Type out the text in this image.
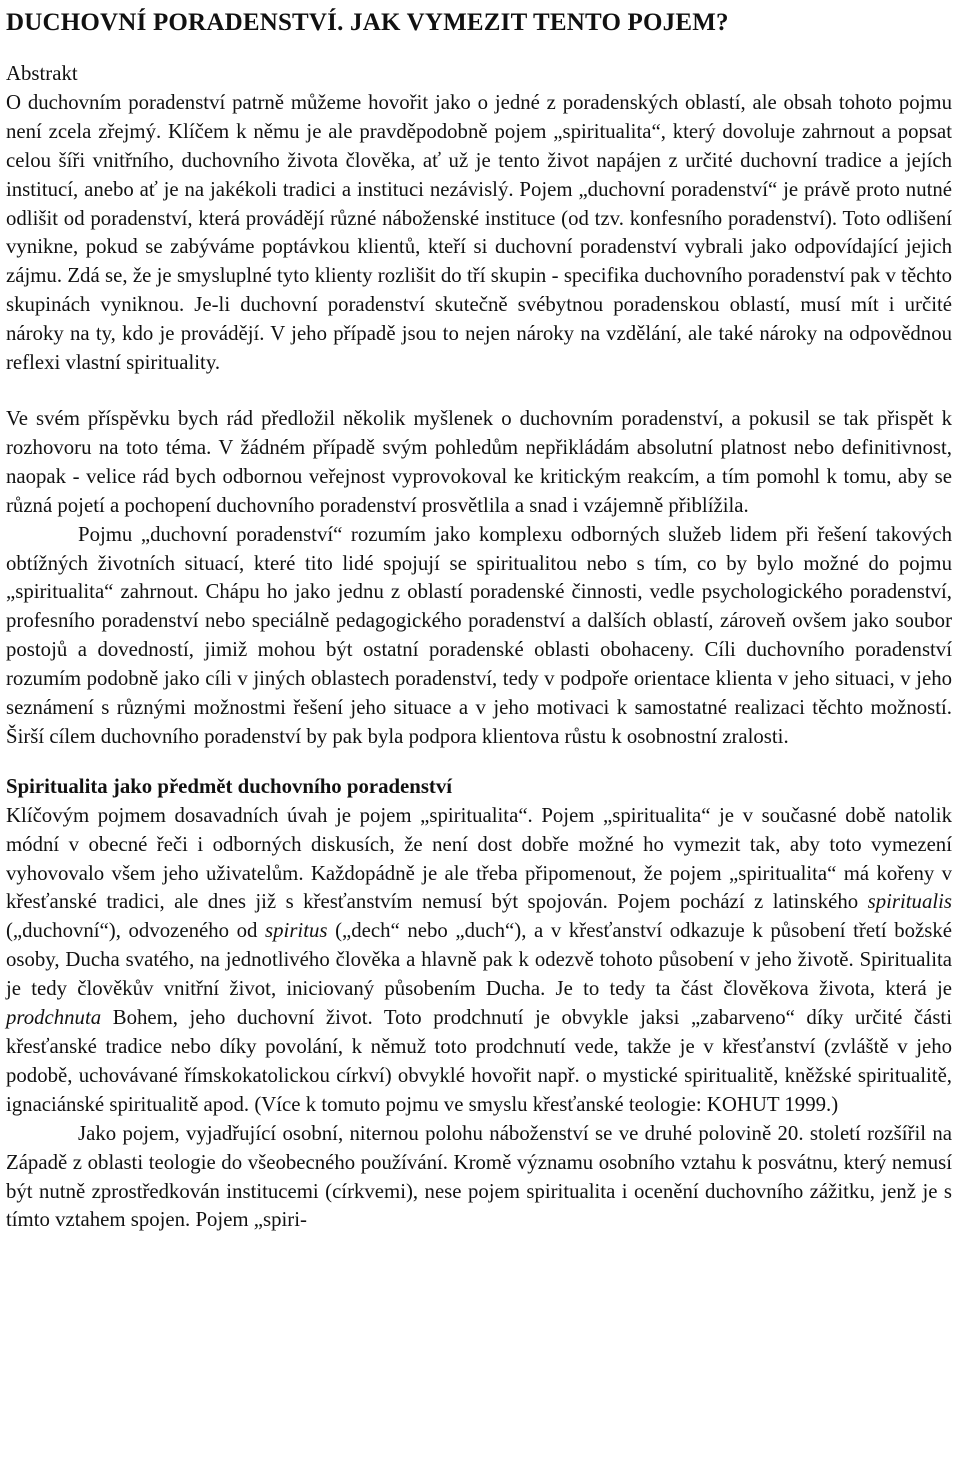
DUCHOVNÍ PORADENSTVÍ. JAK VYMEZIT TENTO POJEM?
Abstrakt

O duchovním poradenství patrně můžeme hovořit jako o jedné z poradenských oblastí, ale obsah tohoto pojmu není zcela zřejmý. Klíčem k němu je ale pravděpodobně pojem „spiritualita“, který dovoluje zahrnout a popsat celou šíři vnitřního, duchovního života člověka, ať už je tento život napájen z určité duchovní tradice a jejích institucí, anebo ať je na jakékoli tradici a instituci nezávislý. Pojem „duchovní poradenství“ je právě proto nutné odlišit od poradenství, která provádějí různé náboženské instituce (od tzv. konfesního poradenství). Toto odlišení vynikne, pokud se zabýváme poptávkou klientů, kteří si duchovní poradenství vybrali jako odpovídající jejich zájmu. Zdá se, že je smysluplné tyto klienty rozlišit do tří skupin - specifika duchovního poradenství pak v těchto skupinách vyniknou. Je-li duchovní poradenství skutečně svébytnou poradenskou oblastí, musí mít i určité nároky na ty, kdo je provádějí. V jeho případě jsou to nejen nároky na vzdělání, ale také nároky na odpovědnou reflexi vlastní spirituality.

Ve svém příspěvku bych rád předložil několik myšlenek o duchovním poradenství, a pokusil se tak přispět k rozhovoru na toto téma. V žádném případě svým pohledům nepřikládám absolutní platnost nebo definitivnost, naopak - velice rád bych odbornou veřejnost vyprovokoval ke kritickým reakcím, a tím pomohl k tomu, aby se různá pojetí a pochopení duchovního poradenství prosvětlila a snad i vzájemně přiblížila.

Pojmu „duchovní poradenství“ rozumím jako komplexu odborných služeb lidem při řešení takových obtížných životních situací, které tito lidé spojují se spiritualitou nebo s tím, co by bylo možné do pojmu „spiritualita“ zahrnout. Chápu ho jako jednu z oblastí poradenské činnosti, vedle psychologického poradenství, profesního poradenství nebo speciálně pedagogického poradenství a dalších oblastí, zároveň ovšem jako soubor postojů a dovedností, jimiž mohou být ostatní poradenské oblasti obohaceny. Cíli duchovního poradenství rozumím podobně jako cíli v jiných oblastech poradenství, tedy v podpoře orientace klienta v jeho situaci, v jeho seznámení s různými možnostmi řešení jeho situace a v jeho motivaci k samostatné realizaci těchto možností. Širší cílem duchovního poradenství by pak byla podpora klientova růstu k osobnostní zralosti.

Spiritualita jako předmět duchovního poradenství

Klíčovým pojmem dosavadních úvah je pojem „spiritualita“. Pojem „spiritualita“ je v současné době natolik módní v obecné řeči i odborných diskusích, že není dost dobře možné ho vymezit tak, aby toto vymezení vyhovovalo všem jeho uživatelům. Každopádně je ale třeba připomenout, že pojem „spiritualita“ má kořeny v křesťanské tradici, ale dnes již s křesťanstvím nemusí být spojován. Pojem pochází z latinského spiritualis („duchovní“), odvozeného od spiritus („dech“ nebo „duch“), a v křesťanství odkazuje k působení třetí božské osoby, Ducha svatého, na jednotlivého člověka a hlavně pak k odezvě tohoto působení v jeho životě. Spiritualita je tedy člověkův vnitřní život, iniciovaný působením Ducha. Je to tedy ta část člověkova života, která je prodchnuta Bohem, jeho duchovní život. Toto prodchnutí je obvykle jaksi „zabarveno“ díky určité části křesťanské tradice nebo díky povolání, k němuž toto prodchnutí vede, takže je v křesťanství (zvláště v jeho podobě, uchovávané římskokatolickou církví) obvyklé hovořit např. o mystické spiritualitě, kněžské spiritualitě, ignaciánské spiritualitě apod. (Více k tomuto pojmu ve smyslu křesťanské teologie: KOHUT 1999.)

Jako pojem, vyjadřující osobní, niternou polohu náboženství se ve druhé polovině 20. století rozšířil na Západě z oblasti teologie do všeobecného používání. Kromě významu osobního vztahu k posvátnu, který nemusí být nutně zprostředkován institucemi (církvemi), nese pojem spiritualita i ocenění duchovního zážitku, jenž je s tímto vztahem spojen. Pojem „spiri-
